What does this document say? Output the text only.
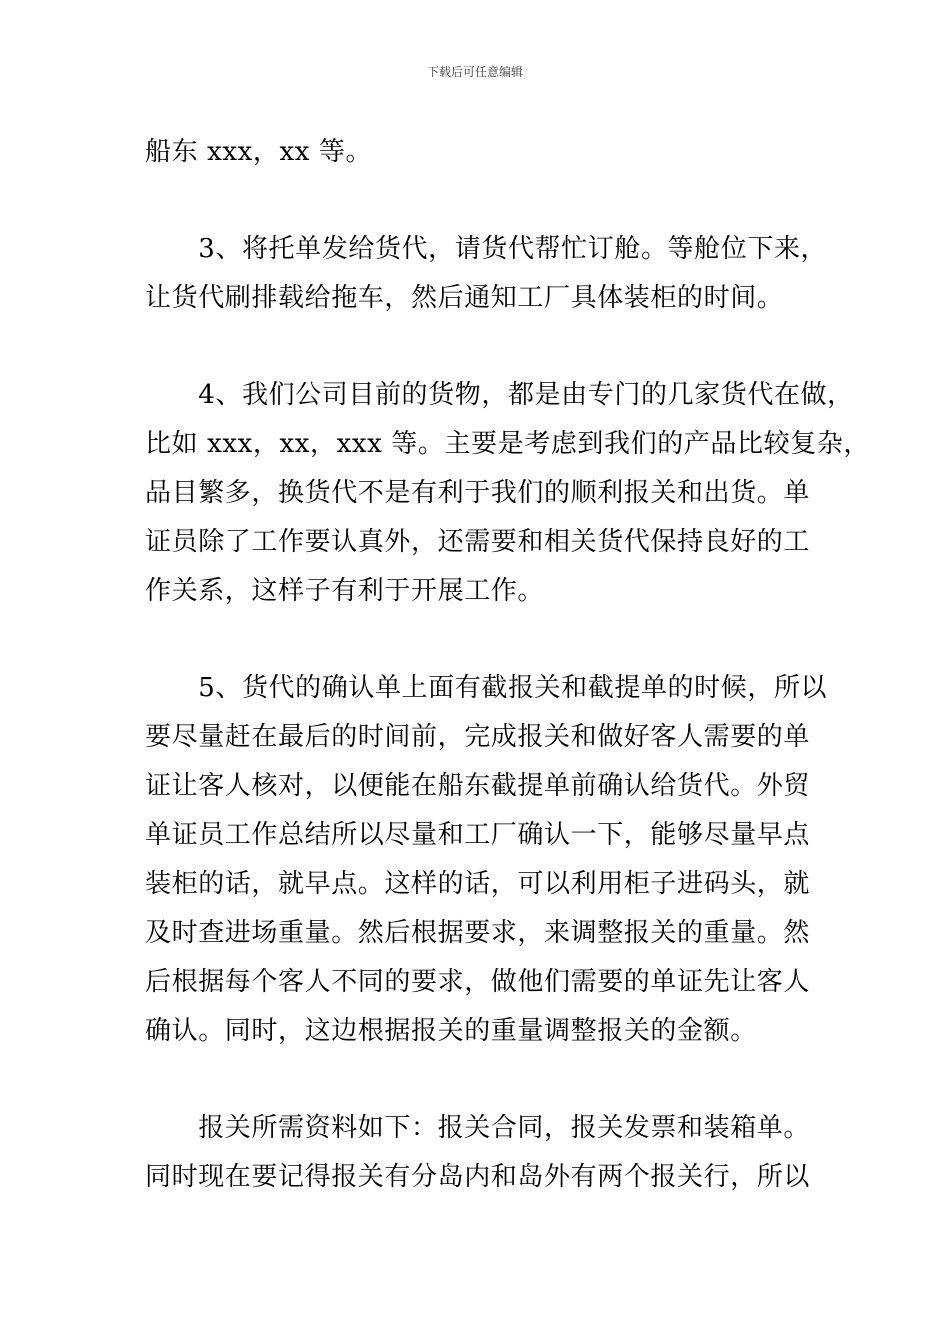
下载后可任意编辑
船东 xxx，xx 等。
　　3、将托单发给货代，请货代帮忙订舱。等舱位下来，
让货代刷排载给拖车，然后通知工厂具体装柜的时间。
　　4、我们公司目前的货物，都是由专门的几家货代在做，
比如 xxx，xx，xxx 等。主要是考虑到我们的产品比较复杂，
品目繁多，换货代不是有利于我们的顺利报关和出货。单
证员除了工作要认真外，还需要和相关货代保持良好的工
作关系，这样子有利于开展工作。
　　5、货代的确认单上面有截报关和截提单的时候，所以
要尽量赶在最后的时间前，完成报关和做好客人需要的单
证让客人核对，以便能在船东截提单前确认给货代。外贸
单证员工作总结所以尽量和工厂确认一下，能够尽量早点
装柜的话，就早点。这样的话，可以利用柜子进码头，就
及时查进场重量。然后根据要求，来调整报关的重量。然
后根据每个客人不同的要求，做他们需要的单证先让客人
确认。同时，这边根据报关的重量调整报关的金额。
　　报关所需资料如下：报关合同，报关发票和装箱单。
同时现在要记得报关有分岛内和岛外有两个报关行，所以
